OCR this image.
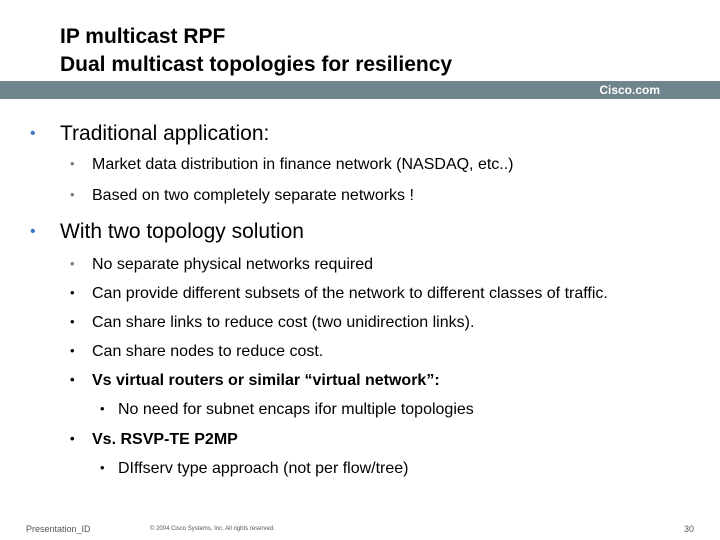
IP multicast RPF
Dual multicast topologies for resiliency
Cisco.com
• Traditional application:
• Market data distribution in finance network (NASDAQ, etc..)
• Based on two completely separate networks !
• With two topology solution
• No separate physical networks required
• Can provide different subsets of the network to different classes of traffic.
• Can share links to reduce cost (two unidirection links).
• Can share nodes to reduce cost.
• Vs virtual routers or similar “virtual network”:
• No need for subnet encaps ifor multiple topologies
• Vs. RSVP-TE P2MP
• DIffserv type approach (not per flow/tree)
Presentation_ID	© 2004 Cisco Systems, Inc. All rights reserved.	30
